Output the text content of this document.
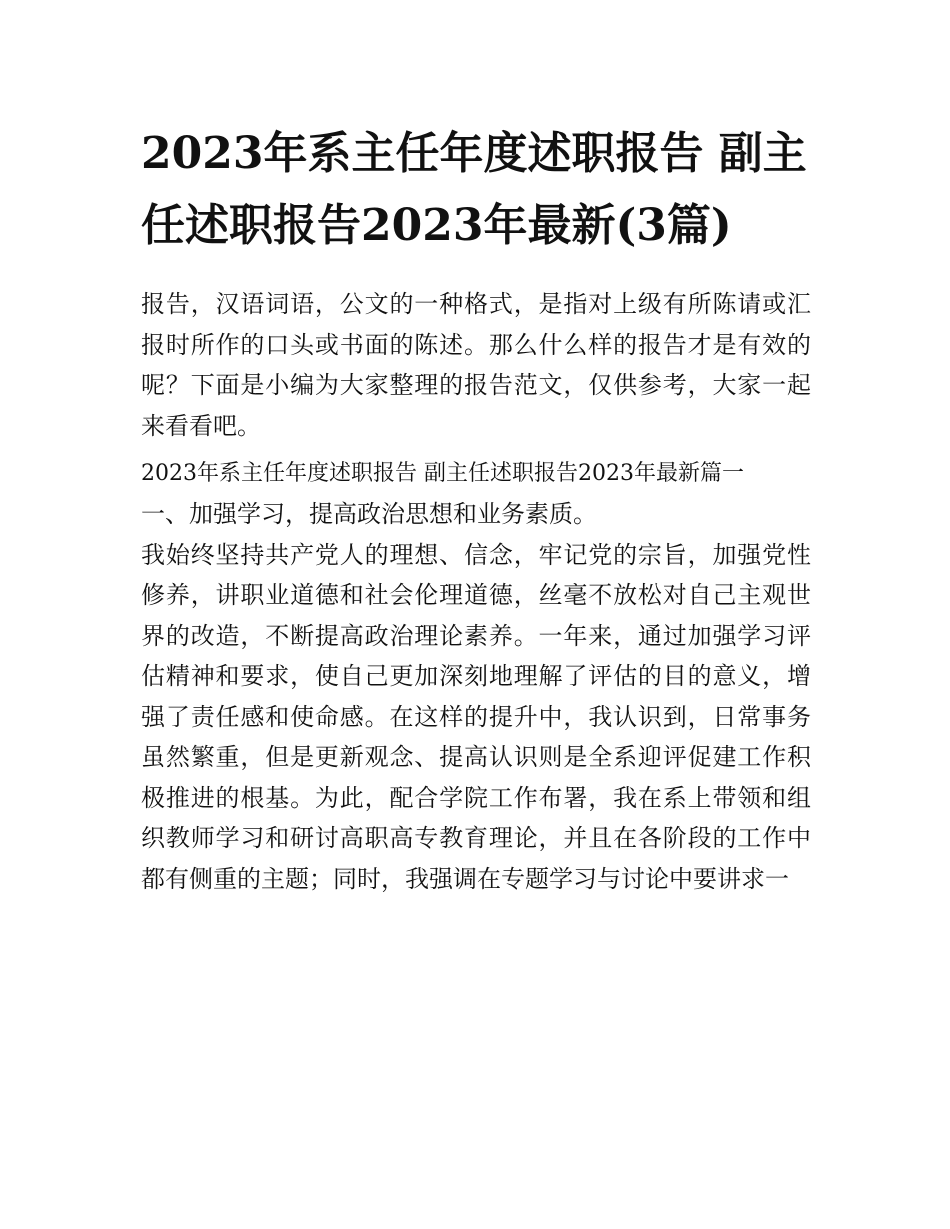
2023年系主任年度述职报告 副主任述职报告2023年最新(3篇)

报告，汉语词语，公文的一种格式，是指对上级有所陈请或汇报时所作的口头或书面的陈述。那么什么样的报告才是有效的呢？下面是小编为大家整理的报告范文，仅供参考，大家一起来看看吧。

2023年系主任年度述职报告 副主任述职报告2023年最新篇一

一、加强学习，提高政治思想和业务素质。

我始终坚持共产党人的理想、信念，牢记党的宗旨，加强党性修养，讲职业道德和社会伦理道德，丝毫不放松对自己主观世界的改造，不断提高政治理论素养。一年来，通过加强学习评估精神和要求，使自己更加深刻地理解了评估的目的意义，增强了责任感和使命感。在这样的提升中，我认识到，日常事务虽然繁重，但是更新观念、提高认识则是全系迎评促建工作积极推进的根基。为此，配合学院工作布署，我在系上带领和组织教师学习和研讨高职高专教育理论，并且在各阶段的工作中都有侧重的主题；同时，我强调在专题学习与讨论中要讲求一
